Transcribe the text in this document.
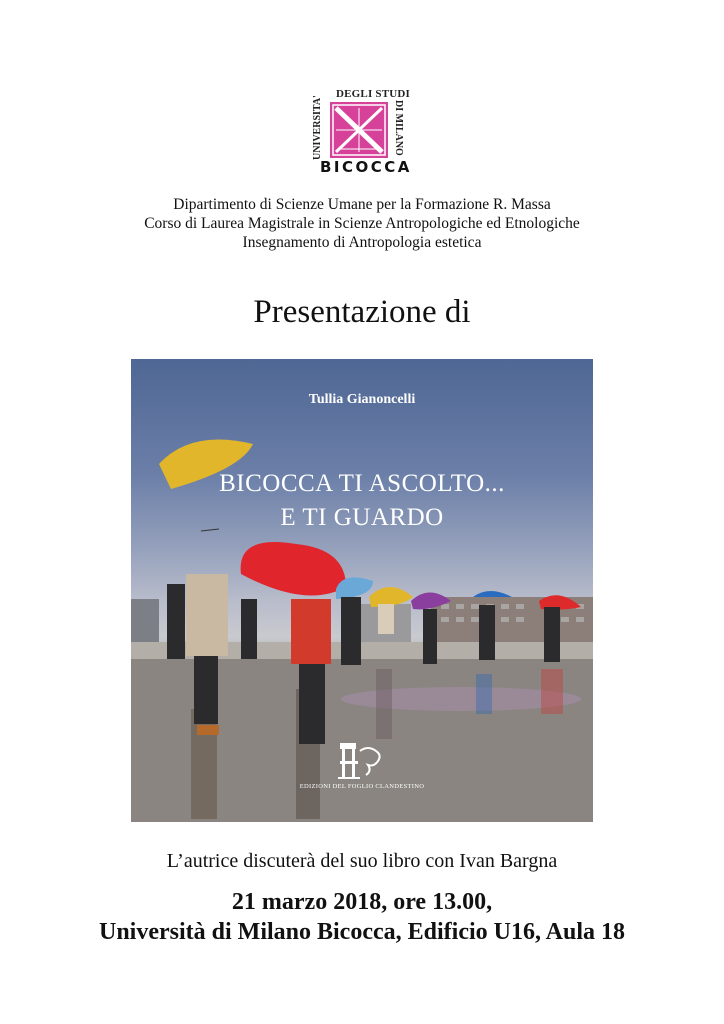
DEGLI STUDI
UNIVERSITA'	DI MILANO
BICOCCA
Dipartimento di Scienze Umane per la Formazione R. Massa
Corso di Laurea Magistrale in Scienze Antropologiche ed Etnologiche
Insegnamento di Antropologia estetica
Presentazione di
Tullia Gianoncelli
BICOCCA TI ASCOLTO...
E TI GUARDO
EDIZIONI DEL FOGLIO CLANDESTINO
L’autrice discuterà del suo libro con Ivan Bargna
21 marzo 2018, ore 13.00,
Università di Milano Bicocca, Edificio U16, Aula 18
